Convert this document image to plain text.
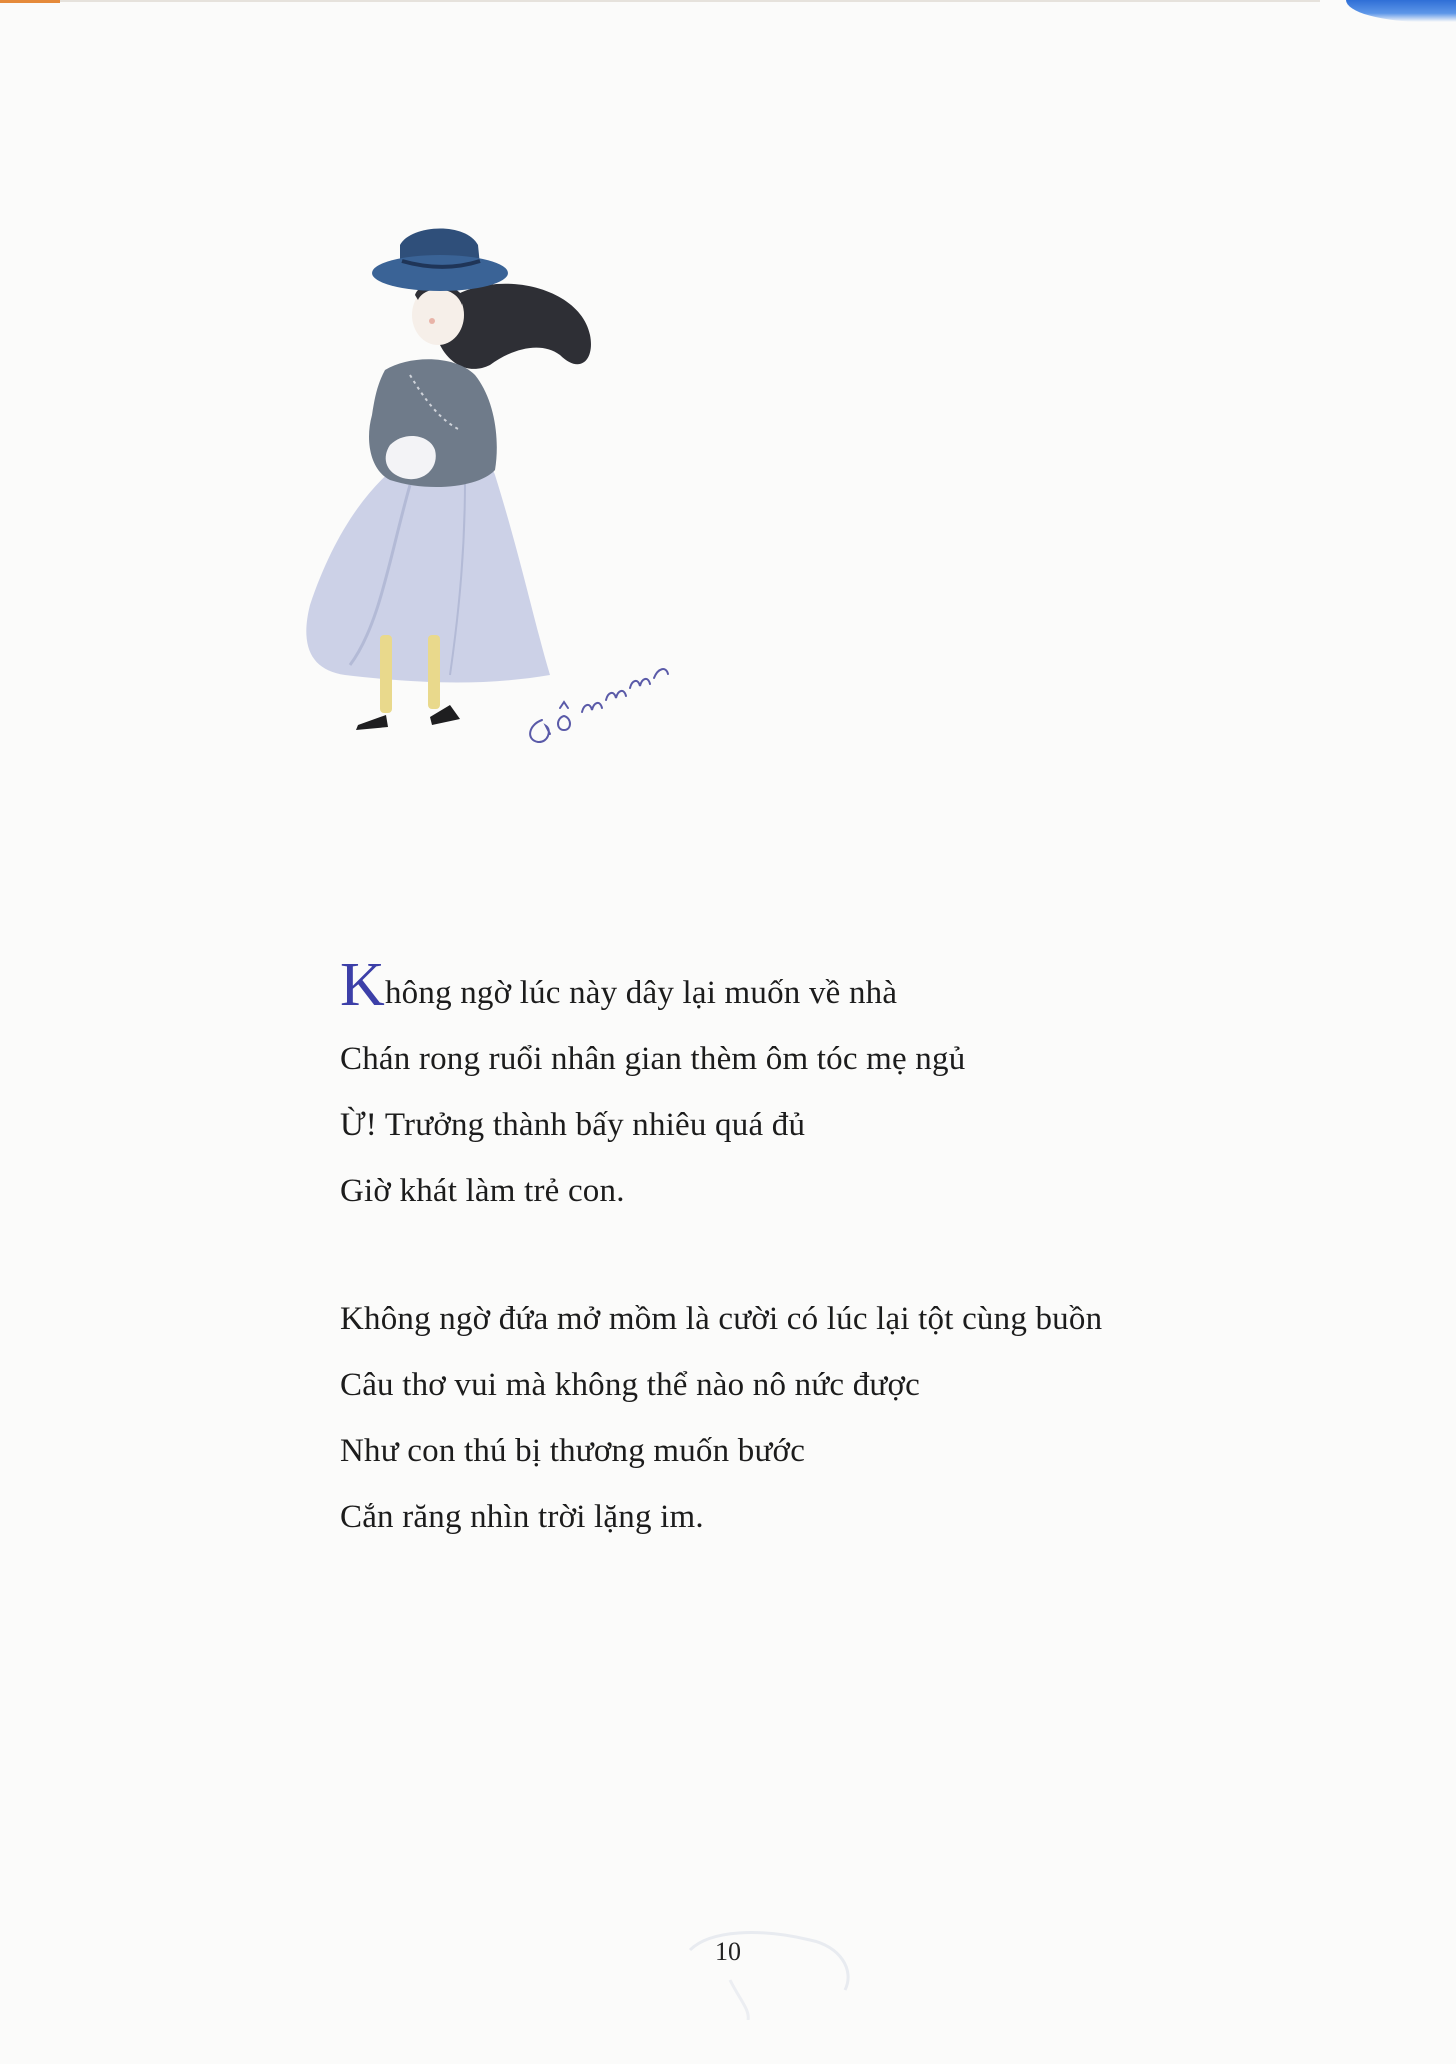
Không ngờ lúc này dây lại muốn về nhà
Chán rong ruổi nhân gian thèm ôm tóc mẹ ngủ
Ừ! Trưởng thành bấy nhiêu quá đủ
Giờ khát làm trẻ con.
Không ngờ đứa mở mồm là cười có lúc lại tột cùng buồn
Câu thơ vui mà không thể nào nô nức được
Như con thú bị thương muốn bước
Cắn răng nhìn trời lặng im.
10
